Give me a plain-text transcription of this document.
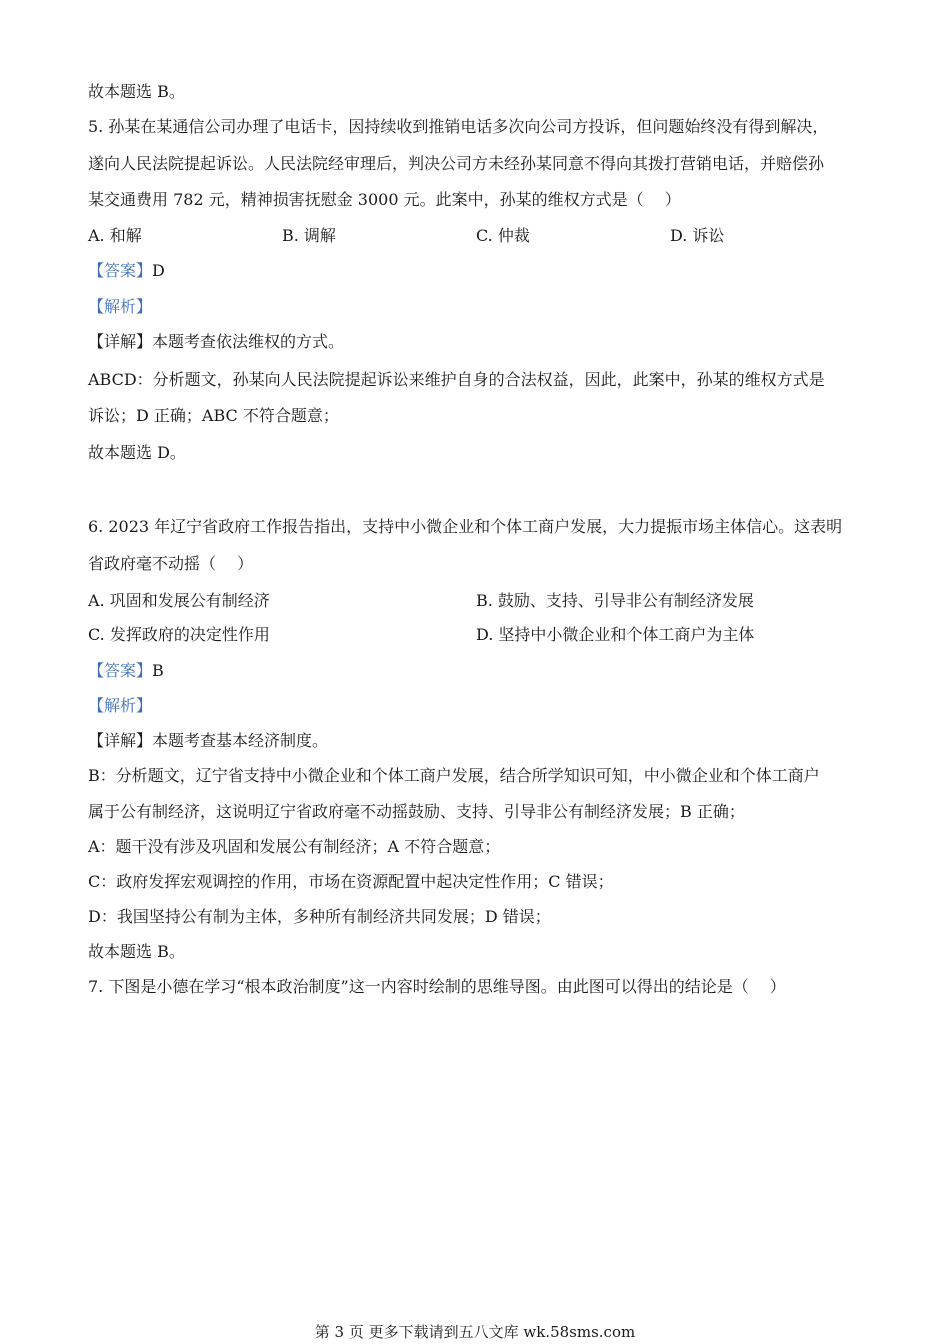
故本题选 B。
5. 孙某在某通信公司办理了电话卡，因持续收到推销电话多次向公司方投诉，但问题始终没有得到解决，
遂向人民法院提起诉讼。人民法院经审理后，判决公司方未经孙某同意不得向其拨打营销电话，并赔偿孙
某交通费用 782 元，精神损害抚慰金 3000 元。此案中，孙某的维权方式是（　 ）
A. 和解	B. 调解	C. 仲裁	D. 诉讼
【答案】D
【解析】
【详解】本题考查依法维权的方式。
ABCD：分析题文，孙某向人民法院提起诉讼来维护自身的合法权益，因此，此案中，孙某的维权方式是
诉讼；D 正确；ABC 不符合题意；
故本题选 D。
6. 2023 年辽宁省政府工作报告指出，支持中小微企业和个体工商户发展，大力提振市场主体信心。这表明
省政府毫不动摇（　 ）
A. 巩固和发展公有制经济	B. 鼓励、支持、引导非公有制经济发展
C. 发挥政府的决定性作用	D. 坚持中小微企业和个体工商户为主体
【答案】B
【解析】
【详解】本题考查基本经济制度。
B：分析题文，辽宁省支持中小微企业和个体工商户发展，结合所学知识可知，中小微企业和个体工商户
属于公有制经济，这说明辽宁省政府毫不动摇鼓励、支持、引导非公有制经济发展；B 正确；
A：题干没有涉及巩固和发展公有制经济；A 不符合题意；
C：政府发挥宏观调控的作用，市场在资源配置中起决定性作用；C 错误；
D：我国坚持公有制为主体，多种所有制经济共同发展；D 错误；
故本题选 B。
7. 下图是小德在学习“根本政治制度”这一内容时绘制的思维导图。由此图可以得出的结论是（　 ）
第 3 页 更多下载请到五八文库 wk.58sms.com
